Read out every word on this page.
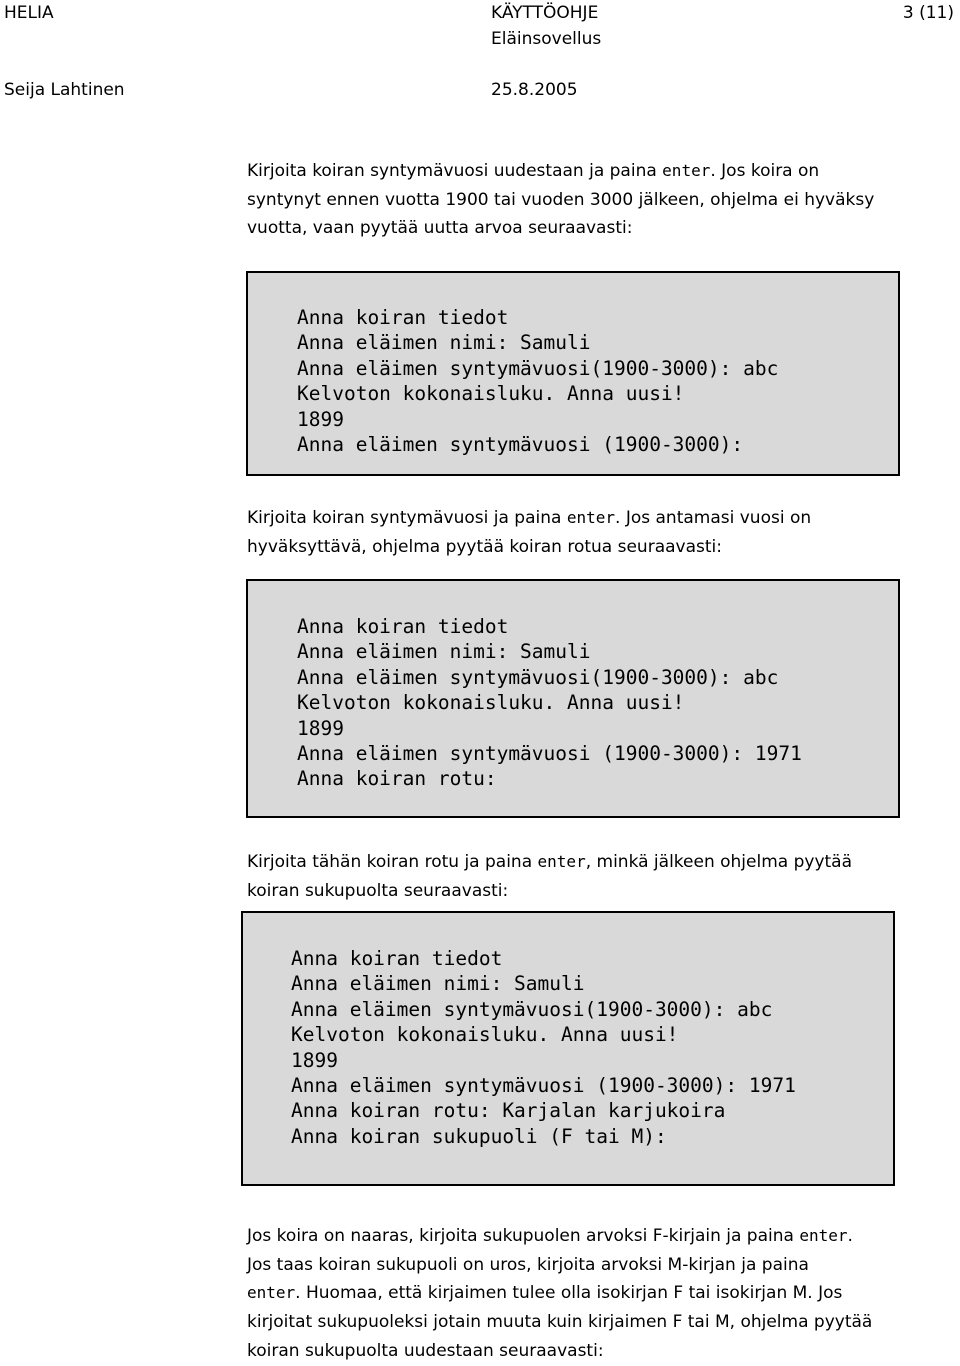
HELIA	KÄYTTÖOHJE	3 (11)
Eläinsovellus
Seija Lahtinen	25.8.2005
Kirjoita koiran syntymävuosi uudestaan ja paina enter. Jos koira on
syntynyt ennen vuotta 1900 tai vuoden 3000 jälkeen, ohjelma ei hyväksy
vuotta, vaan pyytää uutta arvoa seuraavasti:
Anna koiran tiedot
Anna eläimen nimi: Samuli
Anna eläimen syntymävuosi(1900-3000): abc
Kelvoton kokonaisluku. Anna uusi!
1899
Anna eläimen syntymävuosi (1900-3000):
Kirjoita koiran syntymävuosi ja paina enter. Jos antamasi vuosi on
hyväksyttävä, ohjelma pyytää koiran rotua seuraavasti:
Anna koiran tiedot
Anna eläimen nimi: Samuli
Anna eläimen syntymävuosi(1900-3000): abc
Kelvoton kokonaisluku. Anna uusi!
1899
Anna eläimen syntymävuosi (1900-3000): 1971
Anna koiran rotu:
Kirjoita tähän koiran rotu ja paina enter, minkä jälkeen ohjelma pyytää
koiran sukupuolta seuraavasti:
Anna koiran tiedot
Anna eläimen nimi: Samuli
Anna eläimen syntymävuosi(1900-3000): abc
Kelvoton kokonaisluku. Anna uusi!
1899
Anna eläimen syntymävuosi (1900-3000): 1971
Anna koiran rotu: Karjalan karjukoira
Anna koiran sukupuoli (F tai M):
Jos koira on naaras, kirjoita sukupuolen arvoksi F-kirjain ja paina enter.
Jos taas koiran sukupuoli on uros, kirjoita arvoksi M-kirjan ja paina
enter. Huomaa, että kirjaimen tulee olla isokirjan F tai isokirjan M. Jos
kirjoitat sukupuoleksi jotain muuta kuin kirjaimen F tai M, ohjelma pyytää
koiran sukupuolta uudestaan seuraavasti:
